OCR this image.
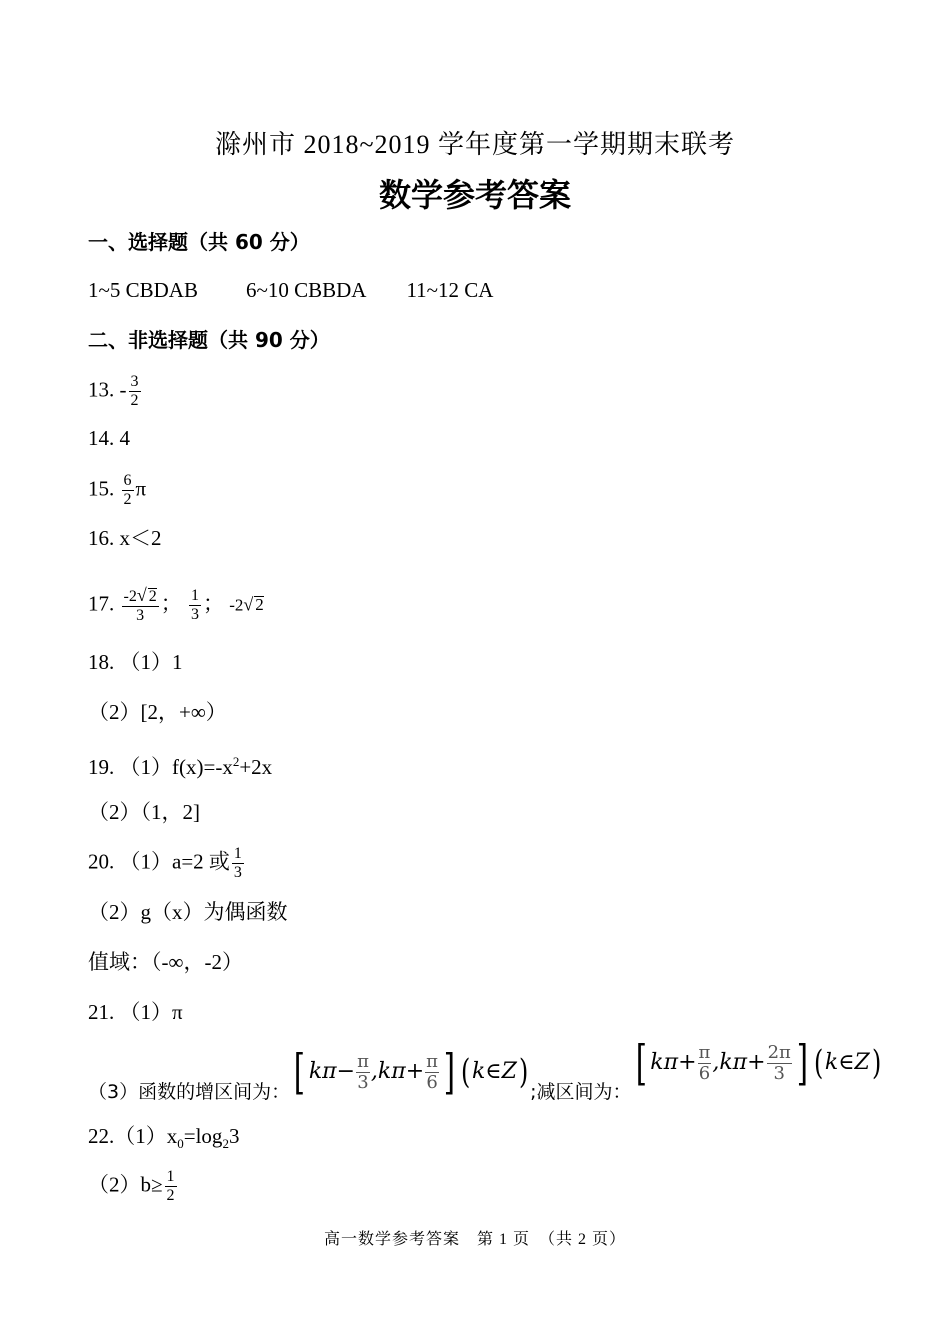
滁州市 2018~2019 学年度第一学期期末联考
数学参考答案
一、选择题（共 60 分）
1~5 CBDAB 6~10 CBBDA 11~12 CA
二、非选择题（共 90 分）
13. - $\frac{3}{2}$
14. 4
15. $\frac{6}{2}$ π
16. x＜2
17. $\frac{-2√ 2}{3}$ ； $\frac{1}{3}$ ； -2√ 2
18. （1）1
（2）[2，+∞）
19. $(1)f(x)=-x^2+2x$
（2）（1，2]
20. （1）a=2 或 $\frac{1}{3}$
（2）g（x）为偶函数
值域：（-∞，-2）
21. （1）π
（3）函数的增区间为： [ $k\pi- \frac{\pi}{3} ,k\pi+ \frac{\pi}{6}$ ] (k∈Z) ;减区间为：
[ $k\pi+ \frac{\pi}{6} ,k\pi+ \frac{2\pi}{3}$ ] (k∈Z)
$22.(1)x_0=\log_23$
$(2)b\ge \frac{1}{2}$
高一数学参考答案　第 1 页　（共 2 页）
